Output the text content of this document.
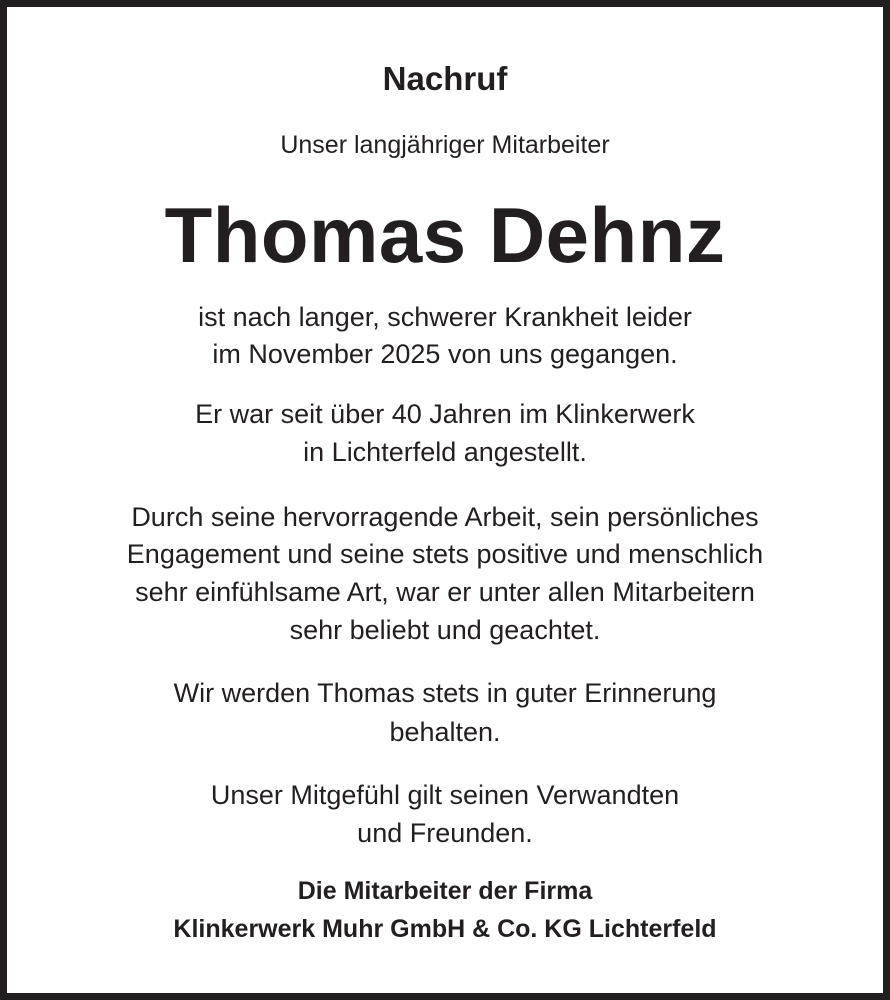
Nachruf
Unser langjähriger Mitarbeiter
Thomas Dehnz
ist nach langer, schwerer Krankheit leider
im November 2025 von uns gegangen.
Er war seit über 40 Jahren im Klinkerwerk
in Lichterfeld angestellt.
Durch seine hervorragende Arbeit, sein persönliches
Engagement und seine stets positive und menschlich
sehr einfühlsame Art, war er unter allen Mitarbeitern
sehr beliebt und geachtet.
Wir werden Thomas stets in guter Erinnerung
behalten.
Unser Mitgefühl gilt seinen Verwandten
und Freunden.
Die Mitarbeiter der Firma
Klinkerwerk Muhr GmbH & Co. KG Lichterfeld
